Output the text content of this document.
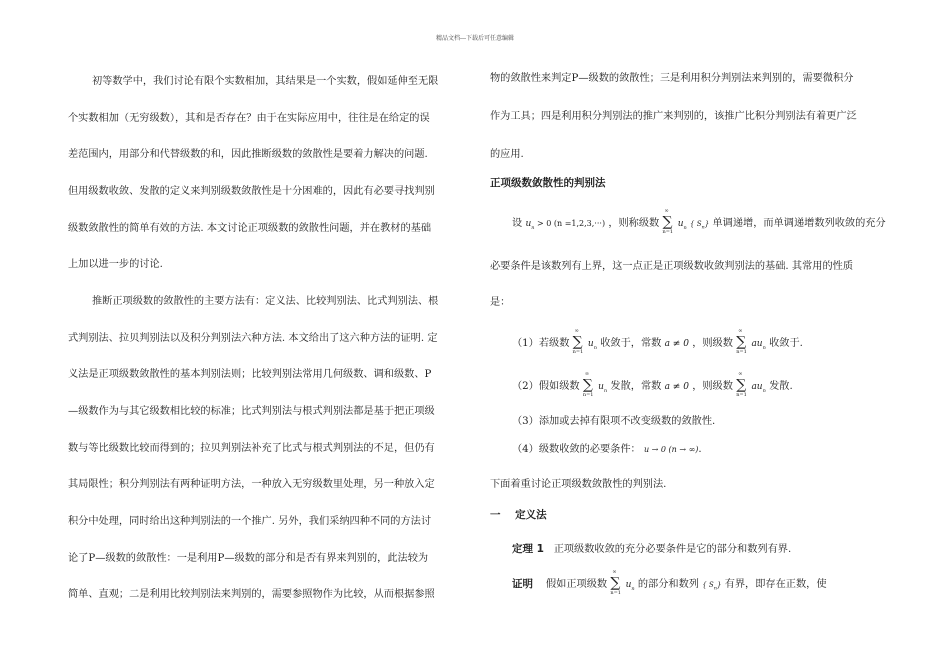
精品文档---下载后可任意编辑
初等数学中，我们讨论有限个实数相加，其结果是一个实数，假如延伸至无限
个实数相加（无穷级数），其和是否存在？由于在实际应用中，往往是在给定的误
差范围内，用部分和代替级数的和，因此推断级数的敛散性是要着力解决的问题.
但用级数收敛、发散的定义来判别级数敛散性是十分困难的，因此有必要寻找判别
级数敛散性的简单有效的方法. 本文讨论正项级数的敛散性问题，并在教材的基础
上加以进一步的讨论.
推断正项级数的敛散性的主要方法有：定义法、比较判别法、比式判别法、根
式判别法、拉贝判别法以及积分判别法六种方法. 本文给出了这六种方法的证明. 定
义法是正项级数敛散性的基本判别法则；比较判别法常用几何级数、调和级数、P
—级数作为与其它级数相比较的标准；比式判别法与根式判别法都是基于把正项级
数与等比级数比较而得到的；拉贝判别法补充了比式与根式判别法的不足，但仍有
其局限性；积分判别法有两种证明方法，一种放入无穷级数里处理，另一种放入定
积分中处理，同时给出这种判别法的一个推广. 另外，我们采纳四种不同的方法讨
论了P—级数的敛散性：一是利用P—级数的部分和是否有界来判别的，此法较为
简单、直观；二是利用比较判别法来判别的，需要参照物作为比较，从而根据参照
物的敛散性来判定P—级数的敛散性；三是利用积分判别法来判别的，需要微积分
作为工具；四是利用积分判别法的推广来判别的，该推广比积分判别法有着更广泛
的应用.
正项级数敛散性的判别法
设 $u_n > 0$ (n =1,2,3,···) ，则称级数
∞
∑
n=1
$u_n$ { $S_n$} 单调递增，而单调递增数列收敛的充分
必要条件是该数列有上界，这一点正是正项级数收敛判别法的基础. 其常用的性质
是：
（1）若级数
∞
∑
n=1
$u_n$ 收敛于，常数 a ≠ 0 ，则级数
∞
∑
n=1
$au_n$ 收敛于.
（2）假如级数
∞
∑
n=1
$u_n$ 发散，常数 a ≠ 0 ，则级数
∞
∑
n=1
$au_n$ 发散.
（3）添加或去掉有限项不改变级数的敛散性.
（4）级数收敛的必要条件： u → 0 (n → ∞).
下面着重讨论正项级数敛散性的判别法.
一 定义法
定理 1 正项级数收敛的充分必要条件是它的部分和数列有界.
证明 假如正项级数
∞
∑
n=1
$u_n$ 的部分和数列 { $S_n$} 有界，即存在正数，使
